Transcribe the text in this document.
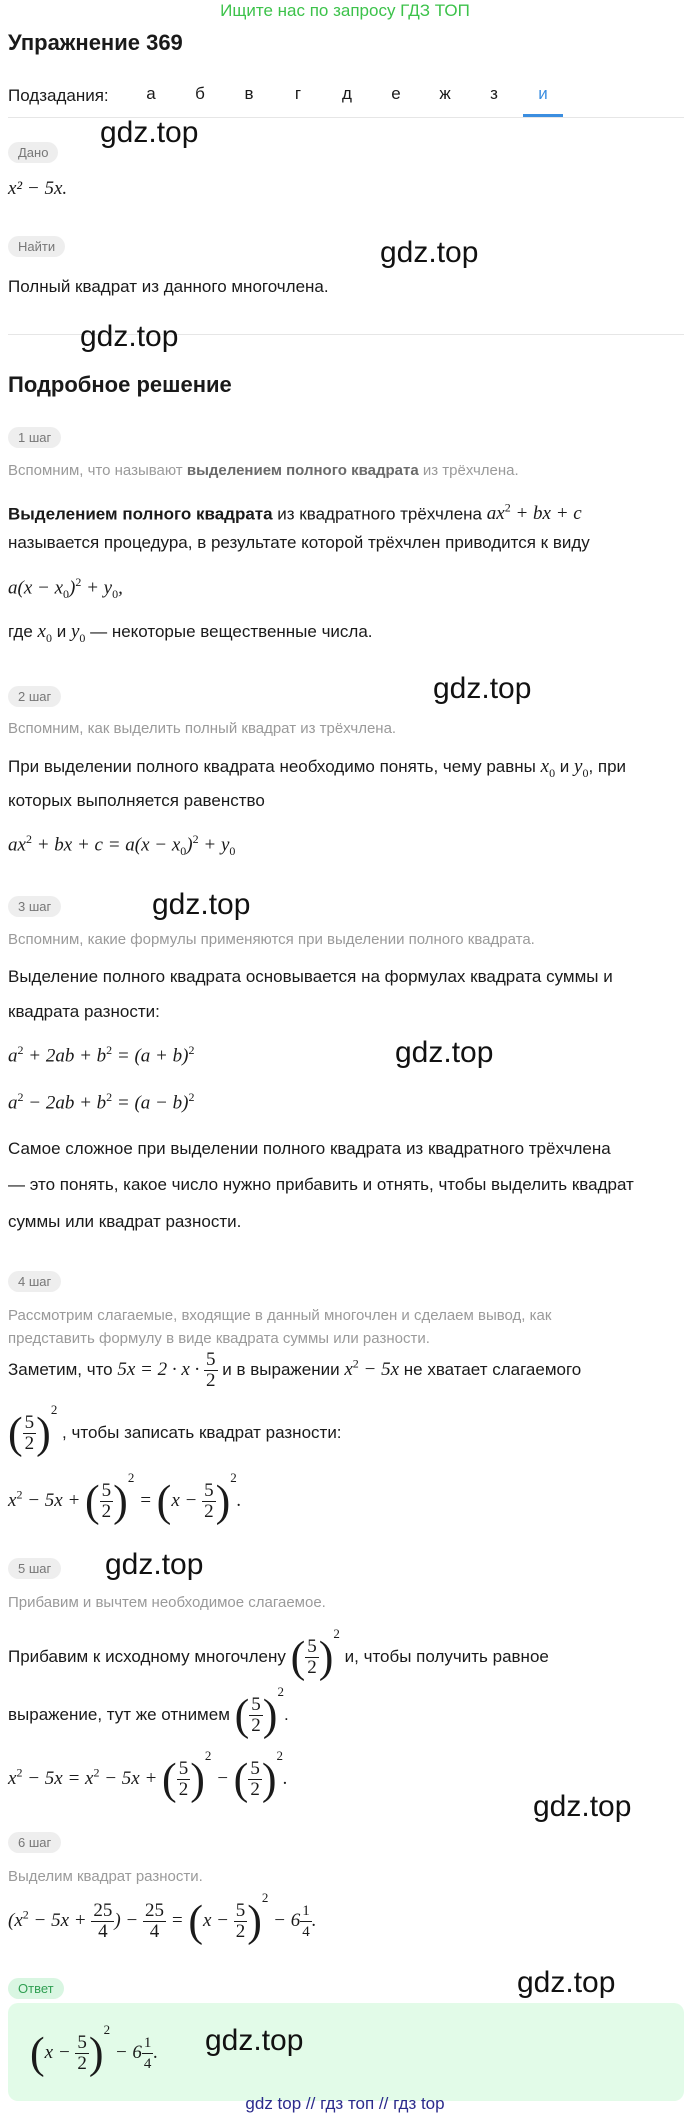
Ищите нас по запросу ГДЗ ТОП
Упражнение 369
Подзадания:	а	б	в	г	д	е	ж	з	и
Дано
gdz.top
x² − 5x.
Найти	gdz.top
Полный квадрат из данного многочлена.
gdz.top
Подробное решение
1 шаг
Вспомним, что называют выделением полного квадрата из трёхчлена.
Выделением полного квадрата из квадратного трёхчлена $ax^2$ + bx + c
называется процедура, в результате которой трёхчлен приводится к виду
$a(x - x_0)^2 + y_0$,
где $x_0$ и $y_0$ — некоторые вещественные числа.
gdz.top
2 шаг
Вспомним, как выделить полный квадрат из трёхчлена.
При выделении полного квадрата необходимо понять, чему равны $x_0$ и $y_0$, при
которых выполняется равенство
$ax^2$ + bx + $c = a(x - x_0)^2 + y_0$
3 шаг	gdz.top
Вспомним, какие формулы применяются при выделении полного квадрата.
Выделение полного квадрата основывается на формулах квадрата суммы и
квадрата разности:
$a^2 + 2ab + b^2 = (a + b)^2$	gdz.top
$a^2 - 2ab + b^2 = (a - b)^2$
Самое сложное при выделении полного квадрата из квадратного трёхчлена
— это понять, какое число нужно прибавить и отнять, чтобы выделить квадрат
суммы или квадрат разности.
4 шаг
Рассмотрим слагаемые, входящие в данный многочлен и сделаем вывод, как
представить формулу в виде квадрата суммы или разности.
Заметим, что $5x = 2 \cdot x \cdot \frac{5}{2}$ и в выражении $x^2 - 5x$ не хватает слагаемого
( $\frac{5}{2} )^2$ , чтобы записать квадрат разности:
$x^2 - 5x$ + ( $\frac{5}{2} )^2 = (x - \frac{5}{2} )^2$.
5 шаг	gdz.top
Прибавим и вычтем необходимое слагаемое.
Прибавим к исходному многочлену ( $\frac{5}{2} )^2$ и, чтобы получить равное
выражение, тут же отнимем ( $\frac{5}{2} )^2$.
$x^2 - 5x = x^2 - 5x$ + ( $\frac{5}{2} )^2$ − ( $\frac{5}{2} )^2$.
gdz.top
6 шаг
Выделим квадрат разности.
($x^2 - 5x + \frac{25}{4}$ ) − $\frac{25}{4} = (x - \frac{5}{2} )^2 - 6 \frac{1}{4}$ .
gdz.top
Ответ
$(x - \frac{5}{2} )^2 - 6 \frac{1}{4}$ . gdz.top
gdz top // гдз топ // гдз top
